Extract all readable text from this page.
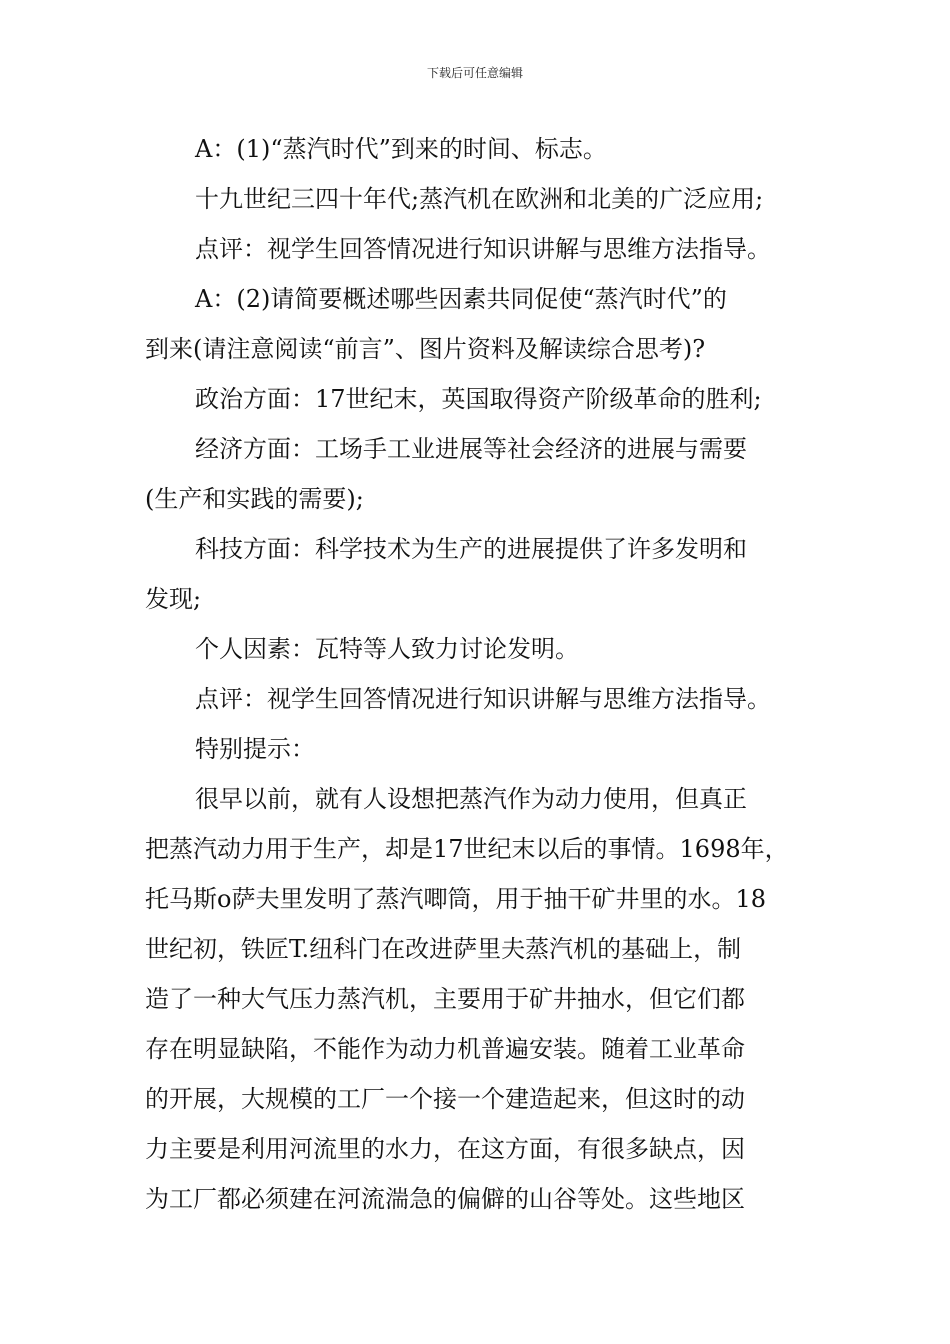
下载后可任意编辑
A：(1)“蒸汽时代”到来的时间、标志。
十九世纪三四十年代;蒸汽机在欧洲和北美的广泛应用;
点评：视学生回答情况进行知识讲解与思维方法指导。
A：(2)请简要概述哪些因素共同促使“蒸汽时代”的
到来(请注意阅读“前言”、图片资料及解读综合思考)?
政治方面：17世纪末，英国取得资产阶级革命的胜利;
经济方面：工场手工业进展等社会经济的进展与需要
(生产和实践的需要);
科技方面：科学技术为生产的进展提供了许多发明和
发现;
个人因素：瓦特等人致力讨论发明。
点评：视学生回答情况进行知识讲解与思维方法指导。
特别提示：
很早以前，就有人设想把蒸汽作为动力使用，但真正
把蒸汽动力用于生产，却是17世纪末以后的事情。1698年，
托马斯o萨夫里发明了蒸汽唧筒，用于抽干矿井里的水。18
世纪初，铁匠T.纽科门在改进萨里夫蒸汽机的基础上，制
造了一种大气压力蒸汽机，主要用于矿井抽水，但它们都
存在明显缺陷，不能作为动力机普遍安装。随着工业革命
的开展，大规模的工厂一个接一个建造起来，但这时的动
力主要是利用河流里的水力，在这方面，有很多缺点，因
为工厂都必须建在河流湍急的偏僻的山谷等处。这些地区
